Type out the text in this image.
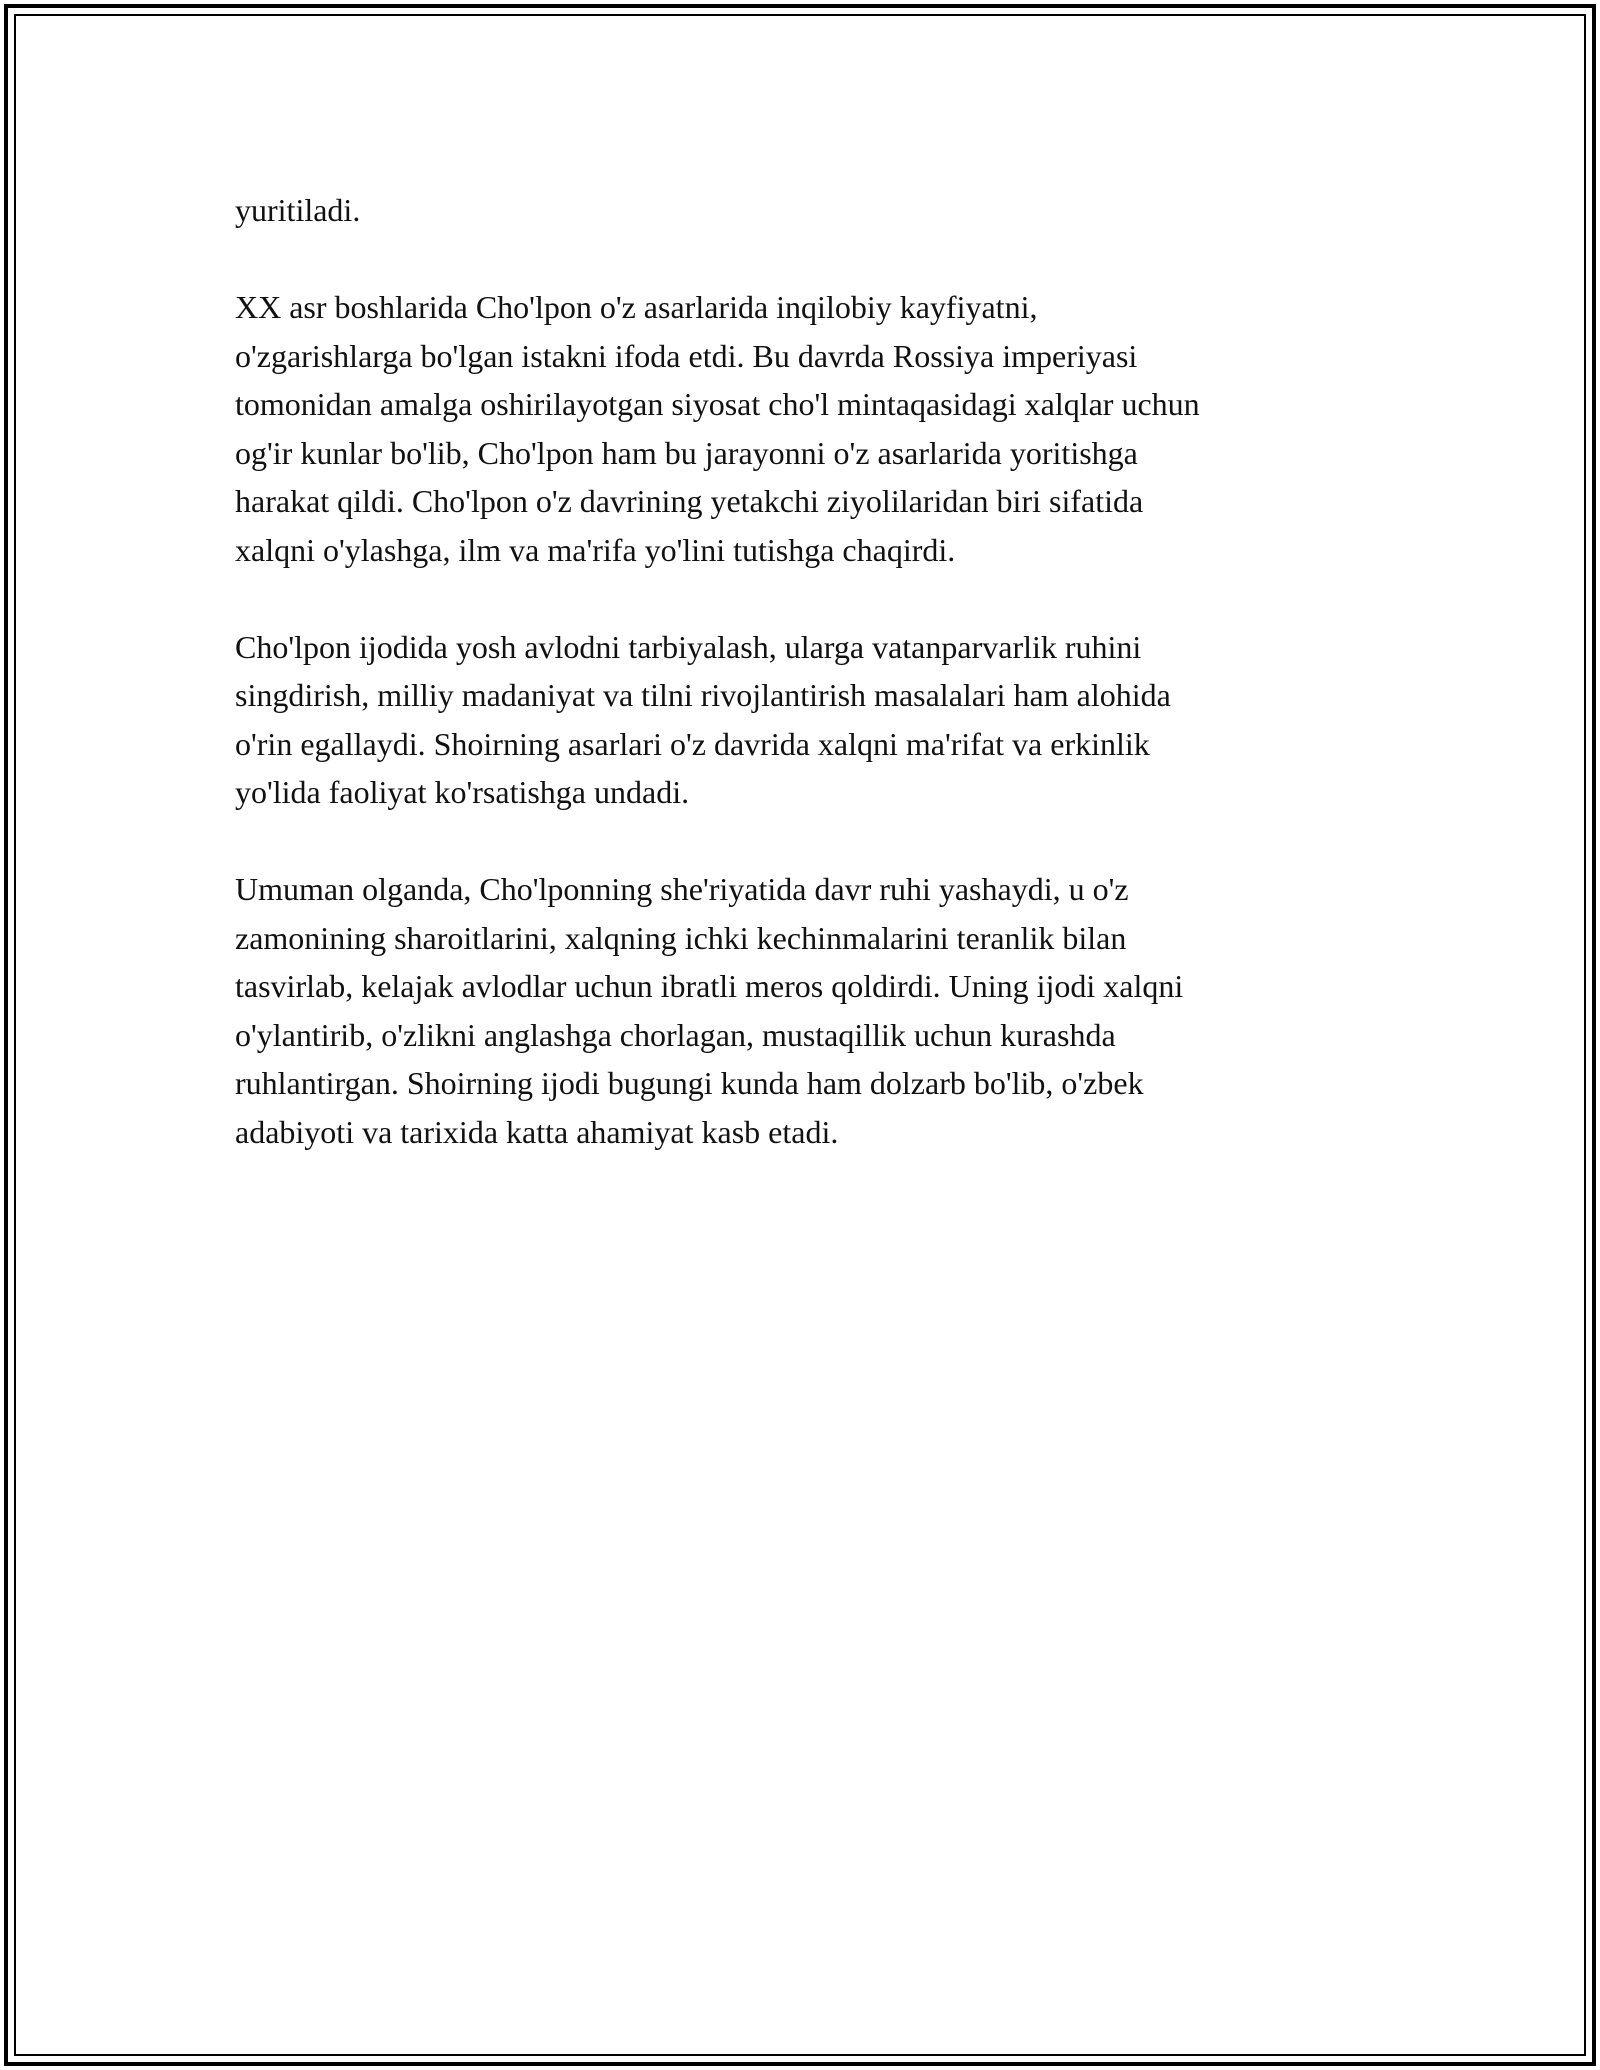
yuritiladi.

XX asr boshlarida Cho'lpon o'z asarlarida inqilobiy kayfiyatni,
o'zgarishlarga bo'lgan istakni ifoda etdi. Bu davrda Rossiya imperiyasi
tomonidan amalga oshirilayotgan siyosat cho'l mintaqasidagi xalqlar uchun
og'ir kunlar bo'lib, Cho'lpon ham bu jarayonni o'z asarlarida yoritishga
harakat qildi. Cho'lpon o'z davrining yetakchi ziyolilaridan biri sifatida
xalqni o'ylashga, ilm va ma'rifa yo'lini tutishga chaqirdi.

Cho'lpon ijodida yosh avlodni tarbiyalash, ularga vatanparvarlik ruhini
singdirish, milliy madaniyat va tilni rivojlantirish masalalari ham alohida
o'rin egallaydi. Shoirning asarlari o'z davrida xalqni ma'rifat va erkinlik
yo'lida faoliyat ko'rsatishga undadi.

Umuman olganda, Cho'lponning she'riyatida davr ruhi yashaydi, u o'z
zamonining sharoitlarini, xalqning ichki kechinmalarini teranlik bilan
tasvirlab, kelajak avlodlar uchun ibratli meros qoldirdi. Uning ijodi xalqni
o'ylantirib, o'zlikni anglashga chorlagan, mustaqillik uchun kurashda
ruhlantirgan. Shoirning ijodi bugungi kunda ham dolzarb bo'lib, o'zbek
adabiyoti va tarixida katta ahamiyat kasb etadi.
